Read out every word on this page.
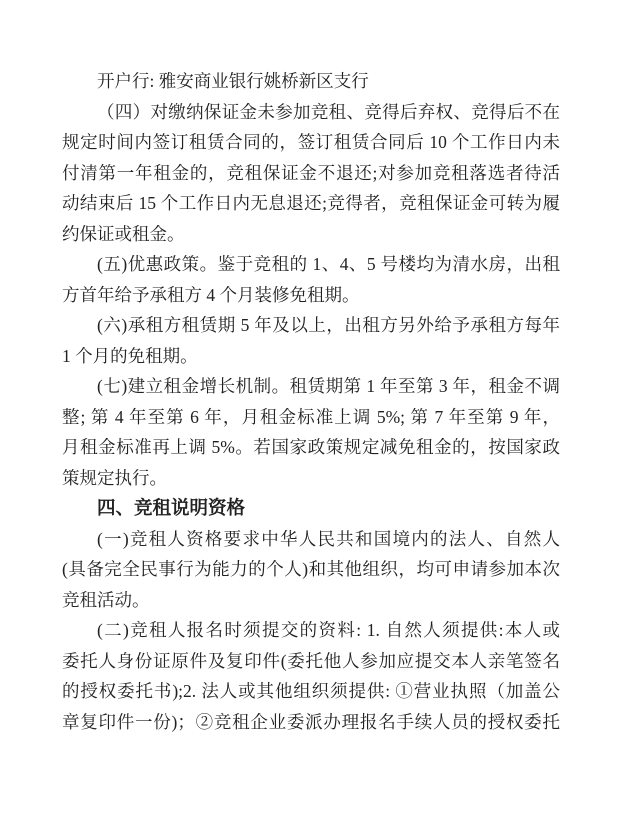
开户行: 雅安商业银行姚桥新区支行
（四）对缴纳保证金未参加竞租、竞得后弃权、竞得后不在
规定时间内签订租赁合同的，签订租赁合同后 10 个工作日内未
付清第一年租金的，竞租保证金不退还;对参加竞租落选者待活
动结束后 15 个工作日内无息退还;竞得者，竞租保证金可转为履
约保证或租金。
(五)优惠政策。鉴于竞租的 1、4、5 号楼均为清水房，出租
方首年给予承租方 4 个月装修免租期。
(六)承租方租赁期 5 年及以上，出租方另外给予承租方每年
1 个月的免租期。
(七)建立租金增长机制。租赁期第 1 年至第 3 年，租金不调
整; 第 4 年至第 6 年，月租金标准上调 5%; 第 7 年至第 9 年，
月租金标准再上调 5%。若国家政策规定减免租金的，按国家政
策规定执行。
四、竞租说明资格
(一)竞租人资格要求中华人民共和国境内的法人、自然人
(具备完全民事行为能力的个人)和其他组织，均可申请参加本次
竞租活动。
(二)竞租人报名时须提交的资料: 1. 自然人须提供:本人或
委托人身份证原件及复印件(委托他人参加应提交本人亲笔签名
的授权委托书);2. 法人或其他组织须提供: ①营业执照（加盖公
章复印件一份)；②竞租企业委派办理报名手续人员的授权委托
